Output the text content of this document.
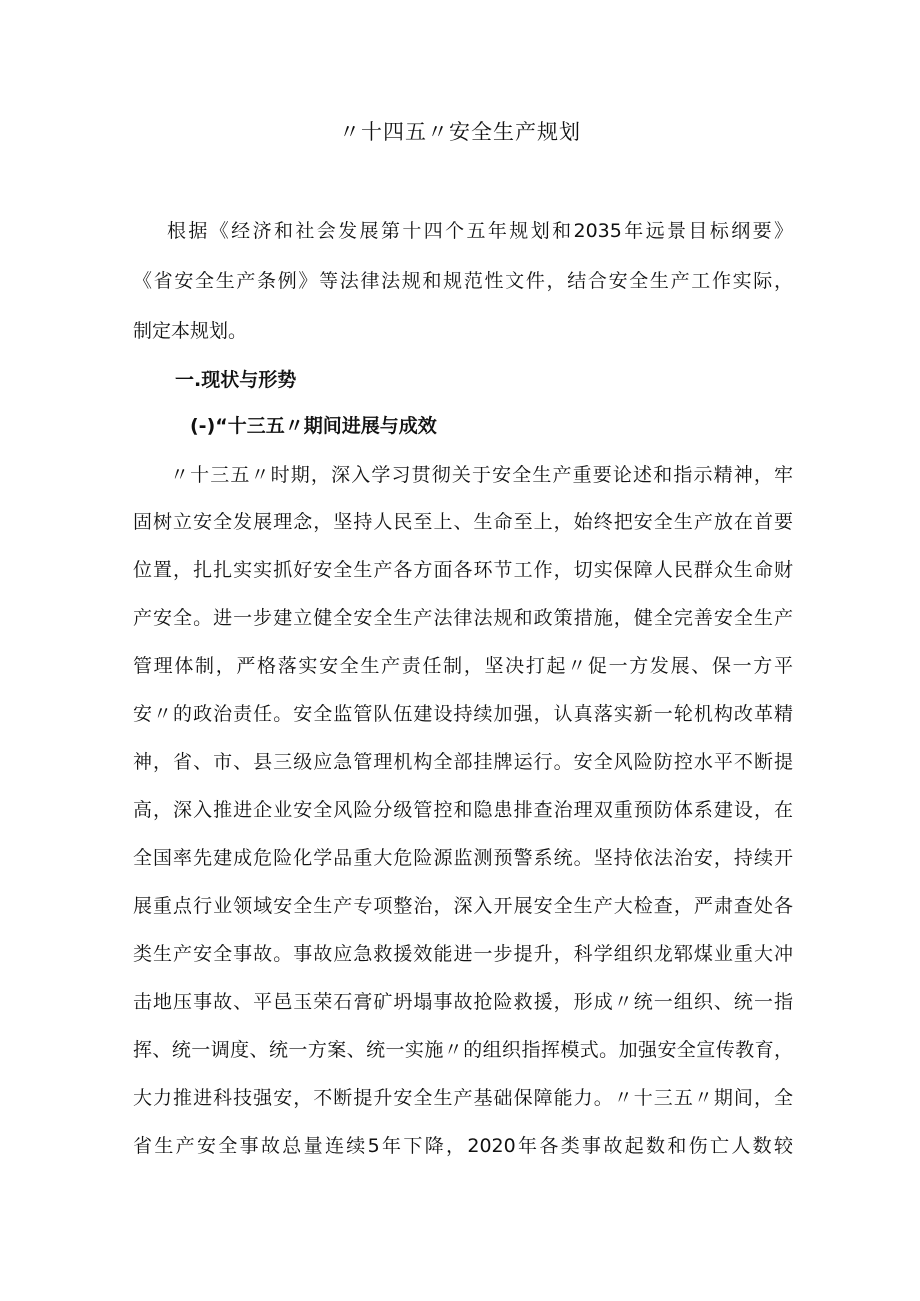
〃十四五〃安全生产规划
根据《经济和社会发展第十四个五年规划和2035年远景目标纲要》
《省安全生产条例》等法律法规和规范性文件，结合安全生产工作实际，
制定本规划。
一.现状与形势
(-)“十三五〃期间进展与成效
〃十三五〃时期，深入学习贯彻关于安全生产重要论述和指示精神，牢
固树立安全发展理念，坚持人民至上、生命至上，始终把安全生产放在首要
位置，扎扎实实抓好安全生产各方面各环节工作，切实保障人民群众生命财
产安全。进一步建立健全安全生产法律法规和政策措施，健全完善安全生产
管理体制，严格落实安全生产责任制，坚决打起〃促一方发展、保一方平
安〃的政治责任。安全监管队伍建设持续加强，认真落实新一轮机构改革精
神，省、市、县三级应急管理机构全部挂牌运行。安全风险防控水平不断提
高，深入推进企业安全风险分级管控和隐患排查治理双重预防体系建设，在
全国率先建成危险化学品重大危险源监测预警系统。坚持依法治安，持续开
展重点行业领域安全生产专项整治，深入开展安全生产大检查，严肃查处各
类生产安全事故。事故应急救援效能进一步提升，科学组织龙郓煤业重大冲
击地压事故、平邑玉荣石膏矿坍塌事故抢险救援，形成〃统一组织、统一指
挥、统一调度、统一方案、统一实施〃的组织指挥模式。加强安全宣传教育，
大力推进科技强安，不断提升安全生产基础保障能力。〃十三五〃期间，全
省生产安全事故总量连续5年下降，2020年各类事故起数和伤亡人数较
